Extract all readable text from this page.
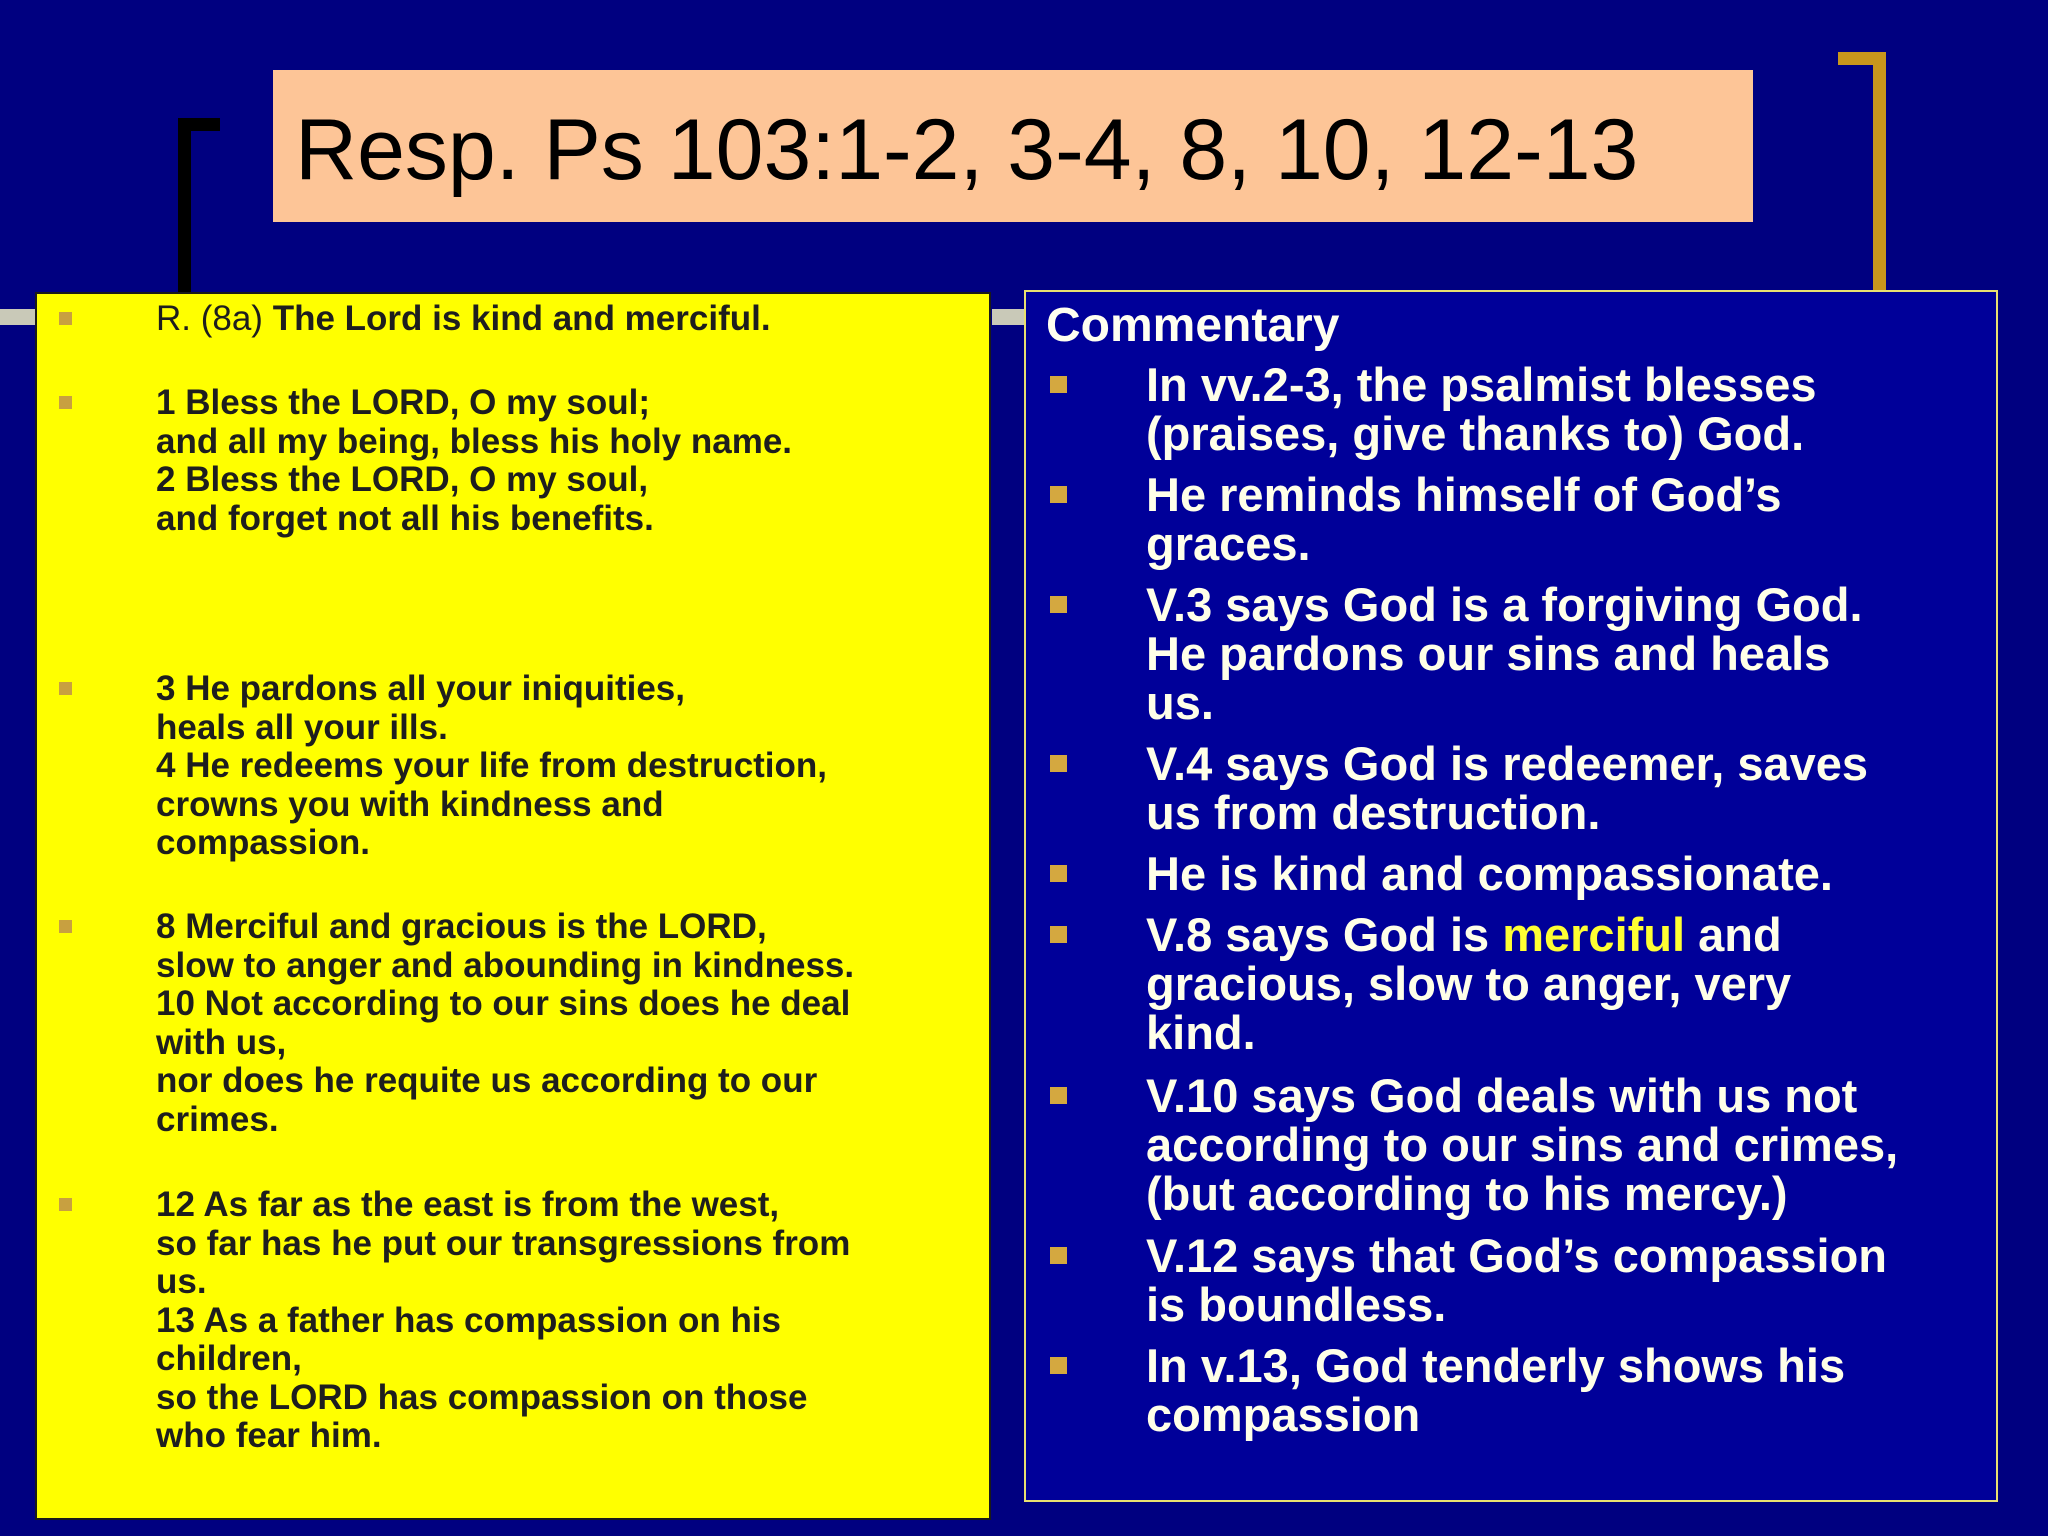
Resp. Ps 103:1-2, 3-4, 8, 10, 12-13
R. (8a) The Lord is kind and merciful.
1 Bless the LORD, O my soul;
and all my being, bless his holy name.
2 Bless the LORD, O my soul,
and forget not all his benefits.
3 He pardons all your iniquities,
heals all your ills.
4 He redeems your life from destruction,
crowns you with kindness and
compassion.
8 Merciful and gracious is the LORD,
slow to anger and abounding in kindness.
10 Not according to our sins does he deal
with us,
nor does he requite us according to our
crimes.
12 As far as the east is from the west,
so far has he put our transgressions from
us.
13 As a father has compassion on his
children,
so the LORD has compassion on those
who fear him.
Commentary
In vv.2-3, the psalmist blesses
(praises, give thanks to) God.
He reminds himself of God’s
graces.
V.3 says God is a forgiving God.
He pardons our sins and heals
us.
V.4 says God is redeemer, saves
us from destruction.
He is kind and compassionate.
V.8 says God is merciful and
gracious, slow to anger, very
kind.
V.10 says God deals with us not
according to our sins and crimes,
(but according to his mercy.)
V.12 says that God’s compassion
is boundless.
In v.13, God tenderly shows his
compassion
